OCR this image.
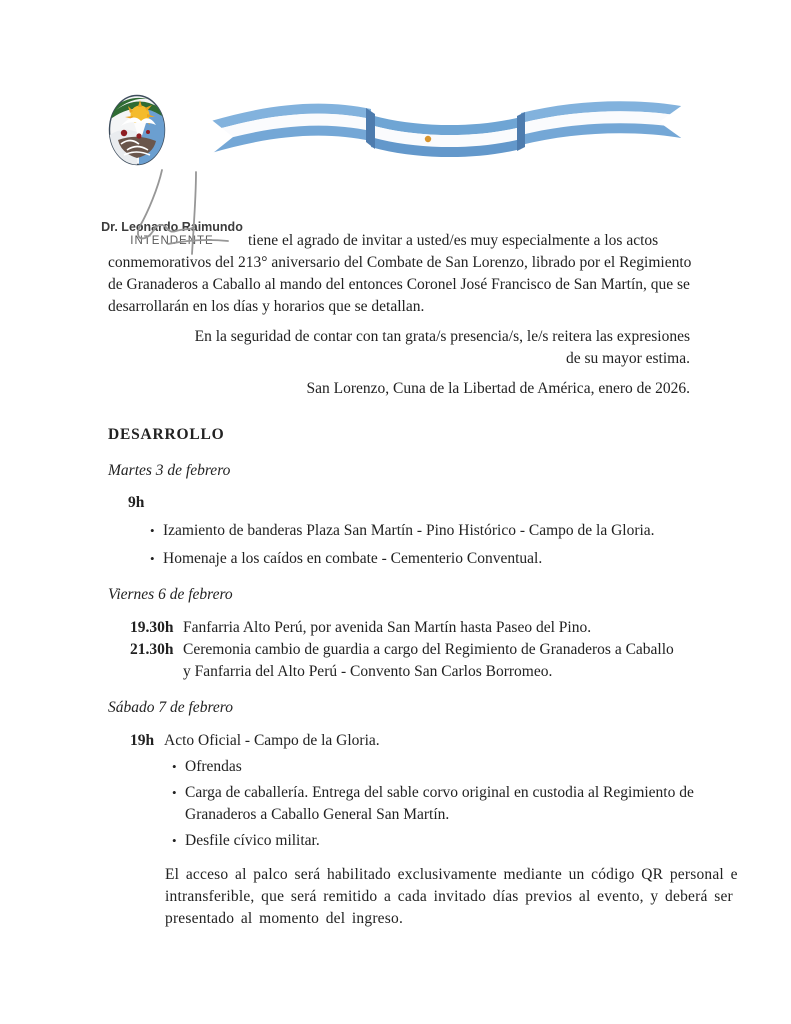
Dr. Leonardo Raimundo
INTENDENTE	tiene el agrado de invitar a usted/es muy especialmente a los actos
conmemorativos del 213° aniversario del Combate de San Lorenzo, librado por el Regimiento
de Granaderos a Caballo al mando del entonces Coronel José Francisco de San Martín, que se
desarrollarán en los días y horarios que se detallan.
En la seguridad de contar con tan grata/s presencia/s, le/s reitera las expresiones
de su mayor estima.
San Lorenzo, Cuna de la Libertad de América, enero de 2026.
DESARROLLO
Martes 3 de febrero
9h
• Izamiento de banderas Plaza San Martín - Pino Histórico - Campo de la Gloria.
• Homenaje a los caídos en combate - Cementerio Conventual.
Viernes 6 de febrero
19.30h Fanfarria Alto Perú, por avenida San Martín hasta Paseo del Pino.
21.30h Ceremonia cambio de guardia a cargo del Regimiento de Granaderos a Caballo
y Fanfarria del Alto Perú - Convento San Carlos Borromeo.
Sábado 7 de febrero
19h Acto Oficial - Campo de la Gloria.
• Ofrendas
• Carga de caballería. Entrega del sable corvo original en custodia al Regimiento de
Granaderos a Caballo General San Martín.
• Desfile cívico militar.
El acceso al palco será habilitado exclusivamente mediante un código QR personal e
intransferible, que será remitido a cada invitado días previos al evento, y deberá ser
presentado al momento del ingreso.
